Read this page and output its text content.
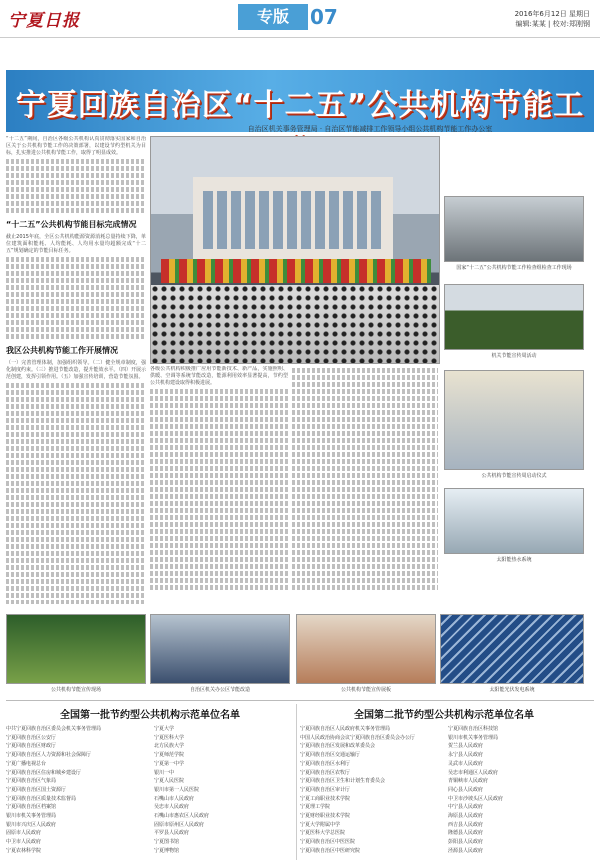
宁夏日报	专版	07	2016年6月12日 星期日
编辑:某某 | 校对:郑刚钢
宁夏回族自治区“十二五”公共机构节能工
自治区机关事务管理局 · 自治区节能减排工作领导小组公共机构节能工作办公室

“十二五”期间，自治区各级公共机构认真贯彻落实国家和自治区关于公共机构节能工作的决策部署，以建设节约型机关为目标，扎实推进公共机构节能工作，取得了明显成效。

“十二五”公共机构节能目标完成情况

截止2015年底，全区公共机构能源资源消耗总量持续下降，单位建筑面积能耗、人均能耗、人均用水量均超额完成“十二五”规划确定的节能目标任务。

我区公共机构节能工作开展情况

（一）完善管理体制，加强组织领导。（二）健全规章制度，强化制度约束。（三）推进节能改造，提升能效水平。（四）开展示范创建，发挥引领作用。（五）加强宣传培训，营造节能氛围。

各级公共机构积极推广应用节能新技术、新产品，实施照明、供暖、空调等系统节能改造，能源利用效率显著提高，节约型公共机构建设取得积极进展。

国家“十二五”公共机构节能工作检查组检查工作现场
机关节能宣传周活动
公共机构节能宣传周启动仪式
太阳能热水系统
公共机构节能宣传现场	自治区机关办公区节能改造	公共机构节能宣传展板	太阳能光伏发电系统
全国第一批节约型公共机构示范单位名单
中共宁夏回族自治区委员会机关事务管理局
宁夏回族自治区公安厅
宁夏回族自治区财政厅
宁夏回族自治区人力资源和社会保障厅
宁夏广播电视总台
宁夏回族自治区住房和城乡建设厅
宁夏回族自治区气象局
宁夏回族自治区国土资源厅
宁夏回族自治区质量技术监督局
宁夏回族自治区档案馆
银川市机关事务管理局
银川市兴庆区人民政府
固原市人民政府
中卫市人民政府
宁夏农林科学院
宁夏大学
宁夏医科大学
北方民族大学
宁夏师范学院
宁夏第一中学
银川一中
宁夏人民医院
银川市第一人民医院
石嘴山市人民政府
吴忠市人民政府
石嘴山市惠农区人民政府
固原市原州区人民政府
平罗县人民政府
宁夏图书馆
宁夏博物馆
全国第二批节约型公共机构示范单位名单
宁夏回族自治区人民政府机关事务管理局
中国人民政治协商会议宁夏回族自治区委员会办公厅
宁夏回族自治区发展和改革委员会
宁夏回族自治区交通运输厅
宁夏回族自治区水利厅
宁夏回族自治区农牧厅
宁夏回族自治区卫生和计划生育委员会
宁夏回族自治区审计厅
宁夏工商职业技术学院
宁夏理工学院
宁夏财经职业技术学院
宁夏大学附属中学
宁夏医科大学总医院
宁夏回族自治区中医医院
宁夏回族自治区中医研究院
宁夏回族自治区科技馆
银川市机关事务管理局
贺兰县人民政府
永宁县人民政府
灵武市人民政府
吴忠市利通区人民政府
青铜峡市人民政府
同心县人民政府
中卫市沙坡头区人民政府
中宁县人民政府
海原县人民政府
西吉县人民政府
隆德县人民政府
彭阳县人民政府
泾源县人民政府
